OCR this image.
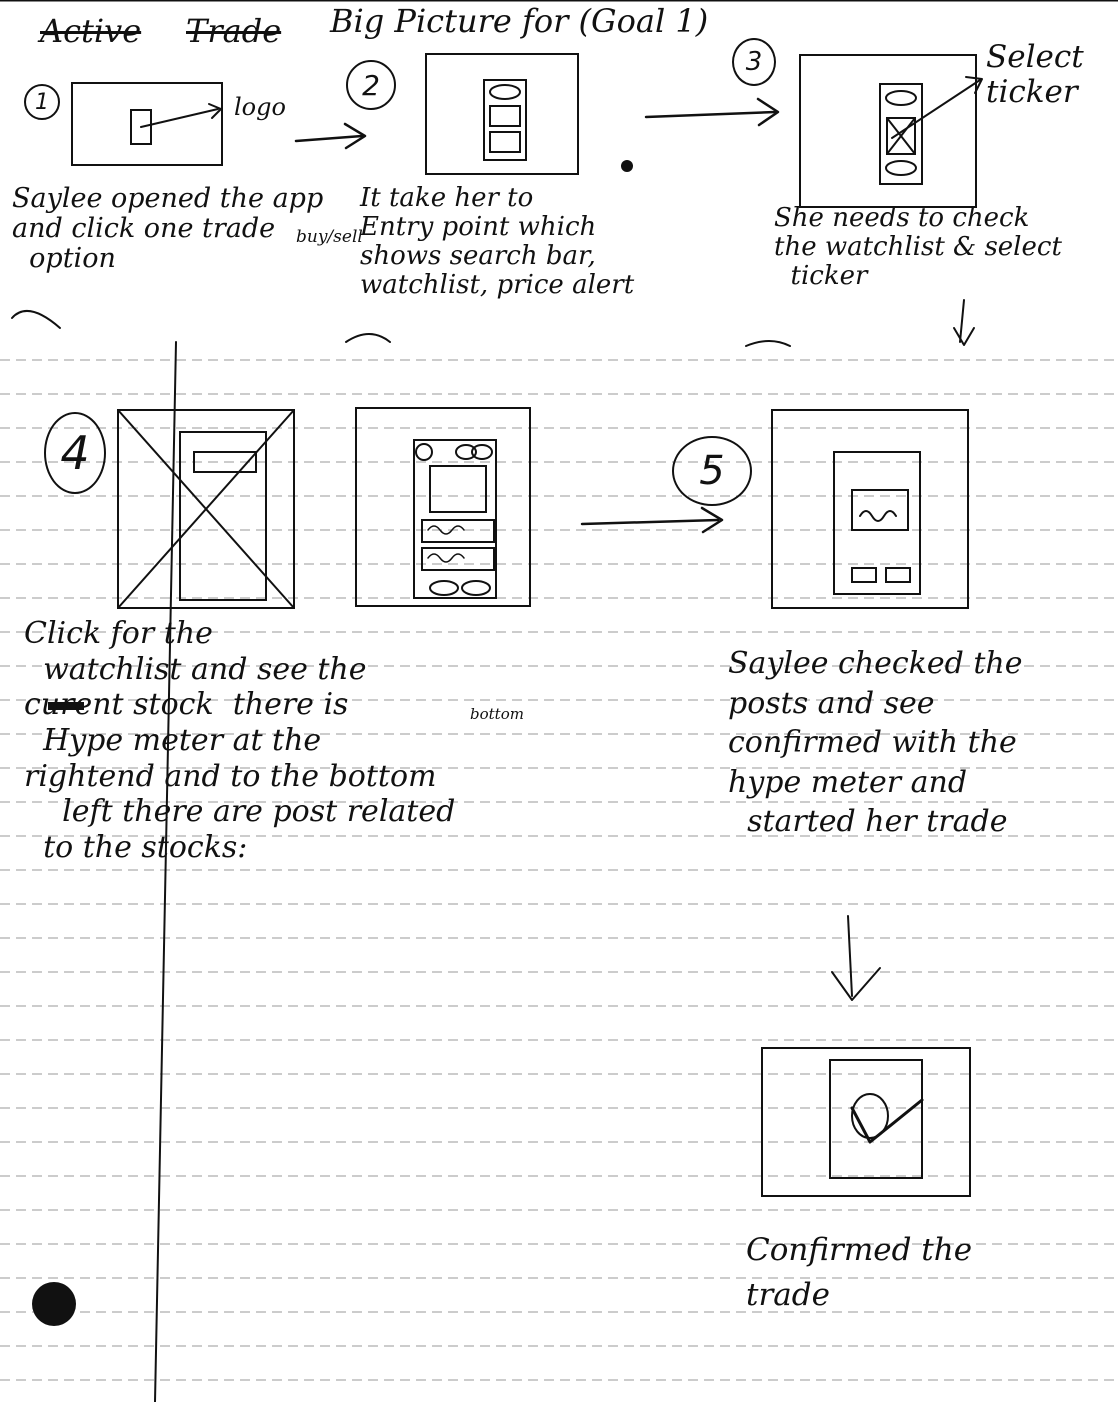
Active Trade Big Picture for (Goal 1)
1
2
3
4	5
logo
Select
ticker
buy/sell
bottom
Saylee opened the app
and click one trade
option
It take her to
Entry point which
shows search bar,
watchlist, price alert
She needs to check
the watchlist & select
ticker
Click for the
watchlist and see the
curent stock  there is
Hype meter at the
rightend and to the bottom
left there are post related
to the stocks:
Saylee checked the
posts and see
confirmed with the
hype meter and
started her trade
Confirmed the
trade
